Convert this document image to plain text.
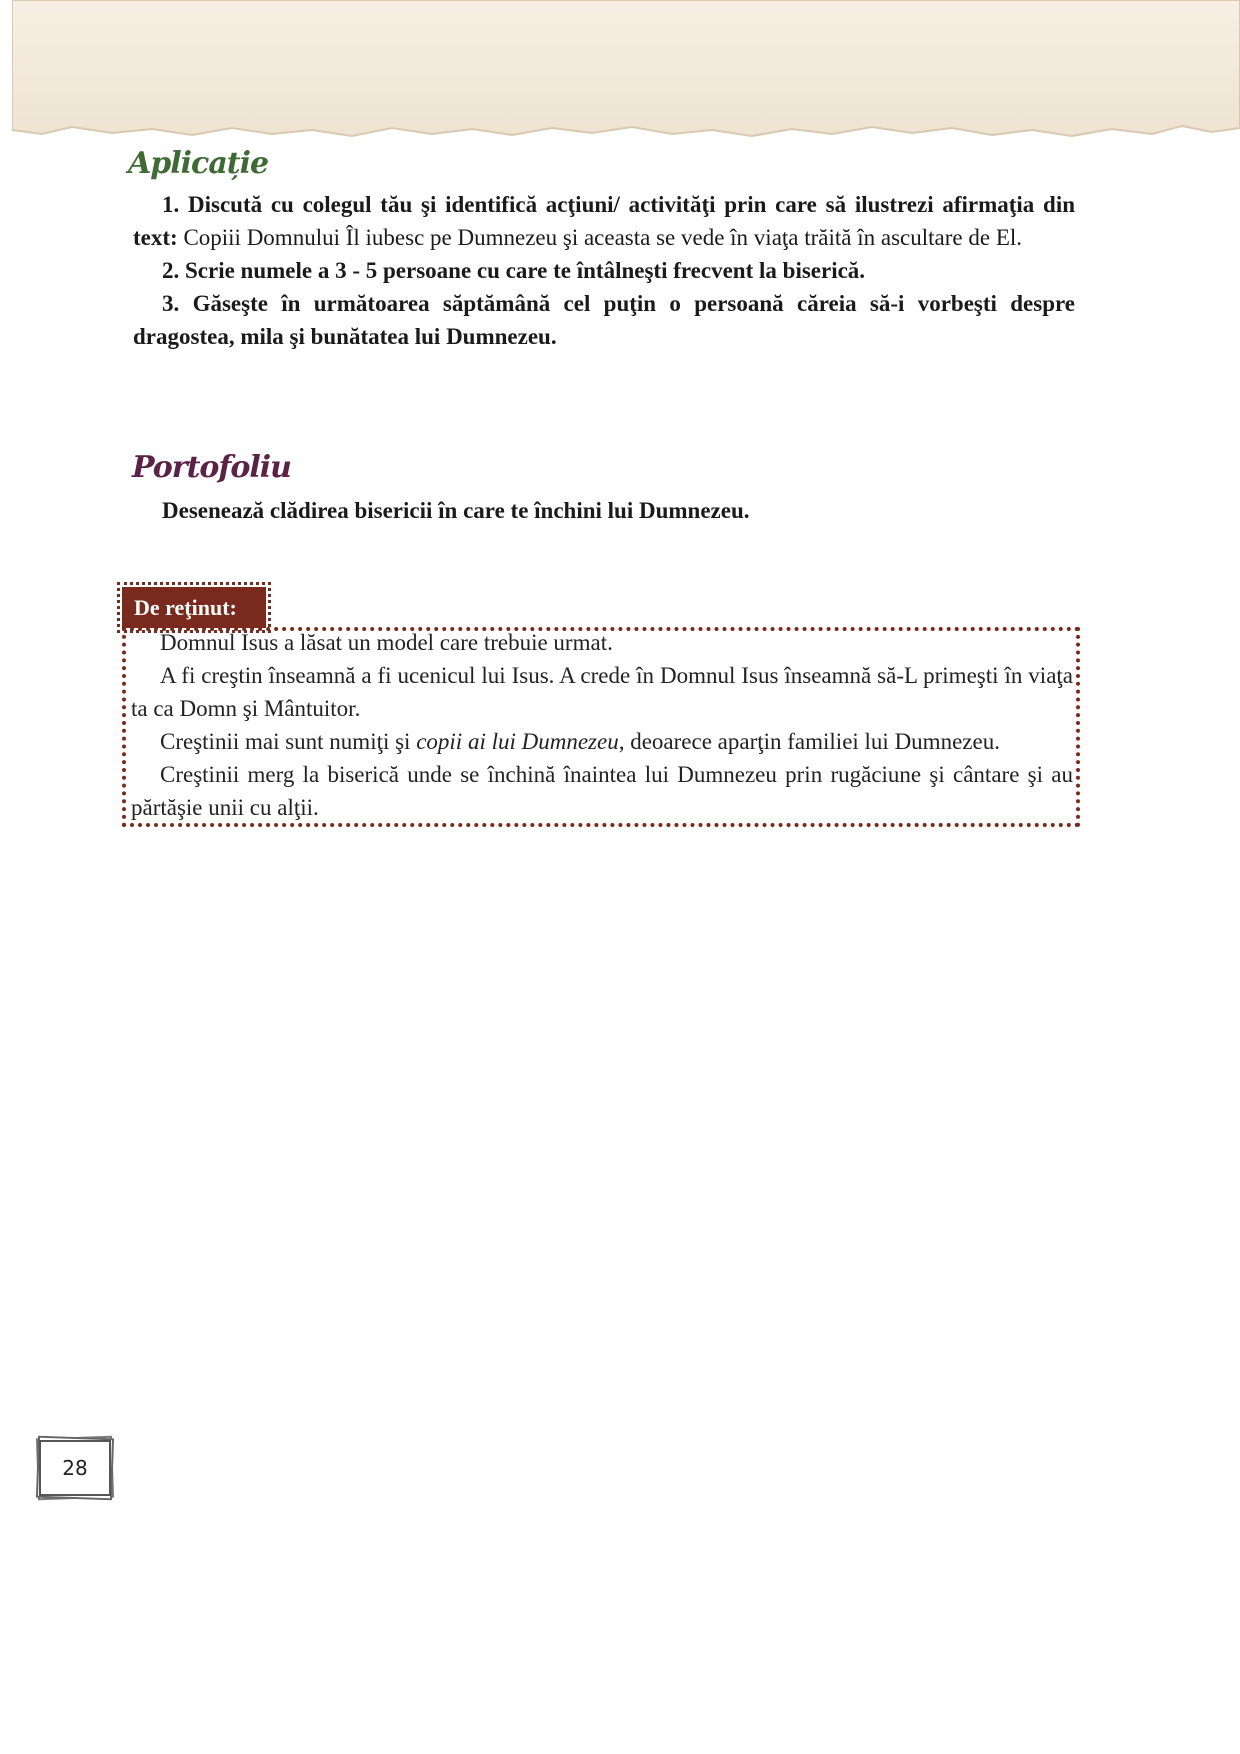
Aplicație

1. Discută cu colegul tău şi identifică acţiuni/ activităţi prin care să ilustrezi afirmaţia din text: Copiii Domnului Îl iubesc pe Dumnezeu şi aceasta se vede în viaţa trăită în ascultare de El.

2. Scrie numele a 3 - 5 persoane cu care te întâlneşti frecvent la biserică.

3. Găseşte în următoarea săptămână cel puţin o persoană căreia să-i vorbeşti despre dragostea, mila şi bunătatea lui Dumnezeu.

Portofoliu

Desenează clădirea bisericii în care te închini lui Dumnezeu.

De reţinut:

Domnul Isus a lăsat un model care trebuie urmat.

A fi creştin înseamnă a fi ucenicul lui Isus. A crede în Domnul Isus înseamnă să-L primeşti în viaţa ta ca Domn şi Mântuitor.

Creştinii mai sunt numiţi şi copii ai lui Dumnezeu, deoarece aparţin familiei lui Dumnezeu.

Creştinii merg la biserică unde se închină înaintea lui Dumnezeu prin rugăciune şi cântare şi au părtăşie unii cu alţii.

28
